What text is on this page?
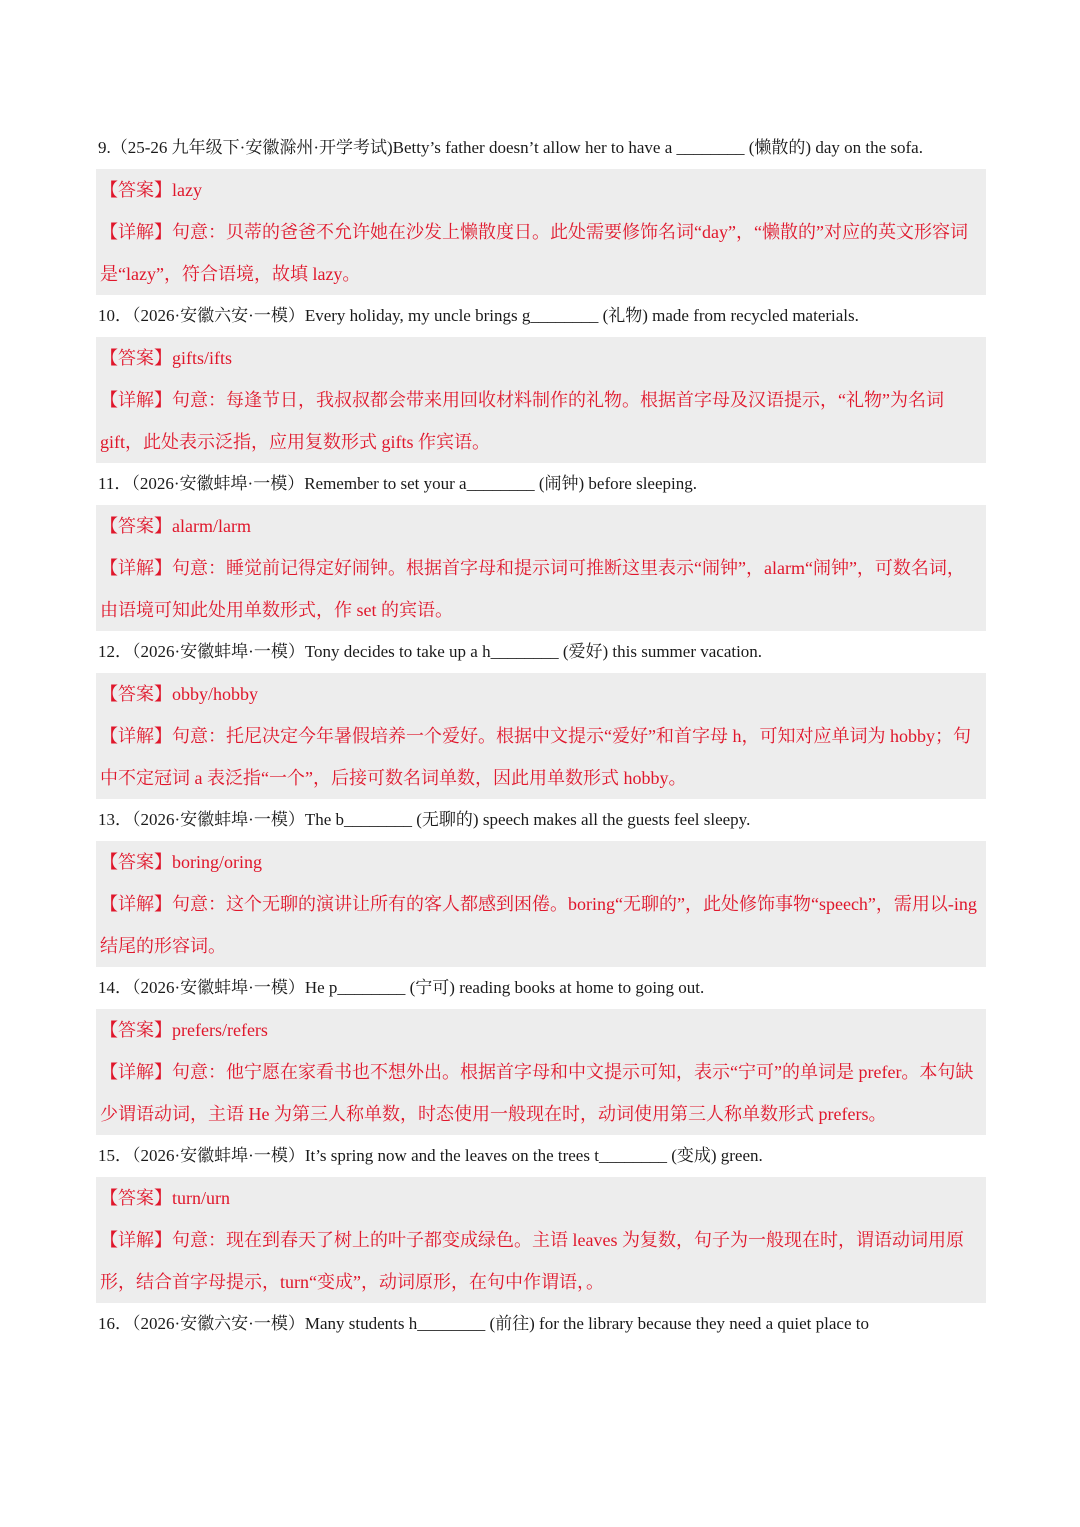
9.（25-26 九年级下·安徽滁州·开学考试)Betty’s father doesn’t allow her to have a ________ (懒散的) day on the sofa.
【答案】lazy
【详解】句意：贝蒂的爸爸不允许她在沙发上懒散度日。此处需要修饰名词“day”，“懒散的”对应的英文形容词是“lazy”，符合语境，故填 lazy。
10．（2026·安徽六安·一模）Every holiday, my uncle brings g________ (礼物) made from recycled materials.
【答案】gifts/ifts
【详解】句意：每逢节日，我叔叔都会带来用回收材料制作的礼物。根据首字母及汉语提示，“礼物”为名词 gift，此处表示泛指，应用复数形式 gifts 作宾语。
11．（2026·安徽蚌埠·一模）Remember to set your a________ (闹钟) before sleeping.
【答案】alarm/larm
【详解】句意：睡觉前记得定好闹钟。根据首字母和提示词可推断这里表示“闹钟”，alarm“闹钟”，可数名词，由语境可知此处用单数形式，作 set 的宾语。
12．（2026·安徽蚌埠·一模）Tony decides to take up a h________ (爱好) this summer vacation.
【答案】obby/hobby
【详解】句意：托尼决定今年暑假培养一个爱好。根据中文提示“爱好”和首字母 h，可知对应单词为 hobby；句中不定冠词 a 表泛指“一个”，后接可数名词单数，因此用单数形式 hobby。
13．（2026·安徽蚌埠·一模）The b________ (无聊的) speech makes all the guests feel sleepy.
【答案】boring/oring
【详解】句意：这个无聊的演讲让所有的客人都感到困倦。boring“无聊的”，此处修饰事物“speech”，需用以-ing 结尾的形容词。
14．（2026·安徽蚌埠·一模）He p________ (宁可) reading books at home to going out.
【答案】prefers/refers
【详解】句意：他宁愿在家看书也不想外出。根据首字母和中文提示可知，表示“宁可”的单词是 prefer。本句缺少谓语动词，主语 He 为第三人称单数，时态使用一般现在时，动词使用第三人称单数形式 prefers。
15．（2026·安徽蚌埠·一模）It’s spring now and the leaves on the trees t________ (变成) green.
【答案】turn/urn
【详解】句意：现在到春天了树上的叶子都变成绿色。主语 leaves 为复数，句子为一般现在时，谓语动词用原形，结合首字母提示，turn“变成”，动词原形，在句中作谓语，。
16．（2026·安徽六安·一模）Many students h________ (前往) for the library because they need a quiet place to
